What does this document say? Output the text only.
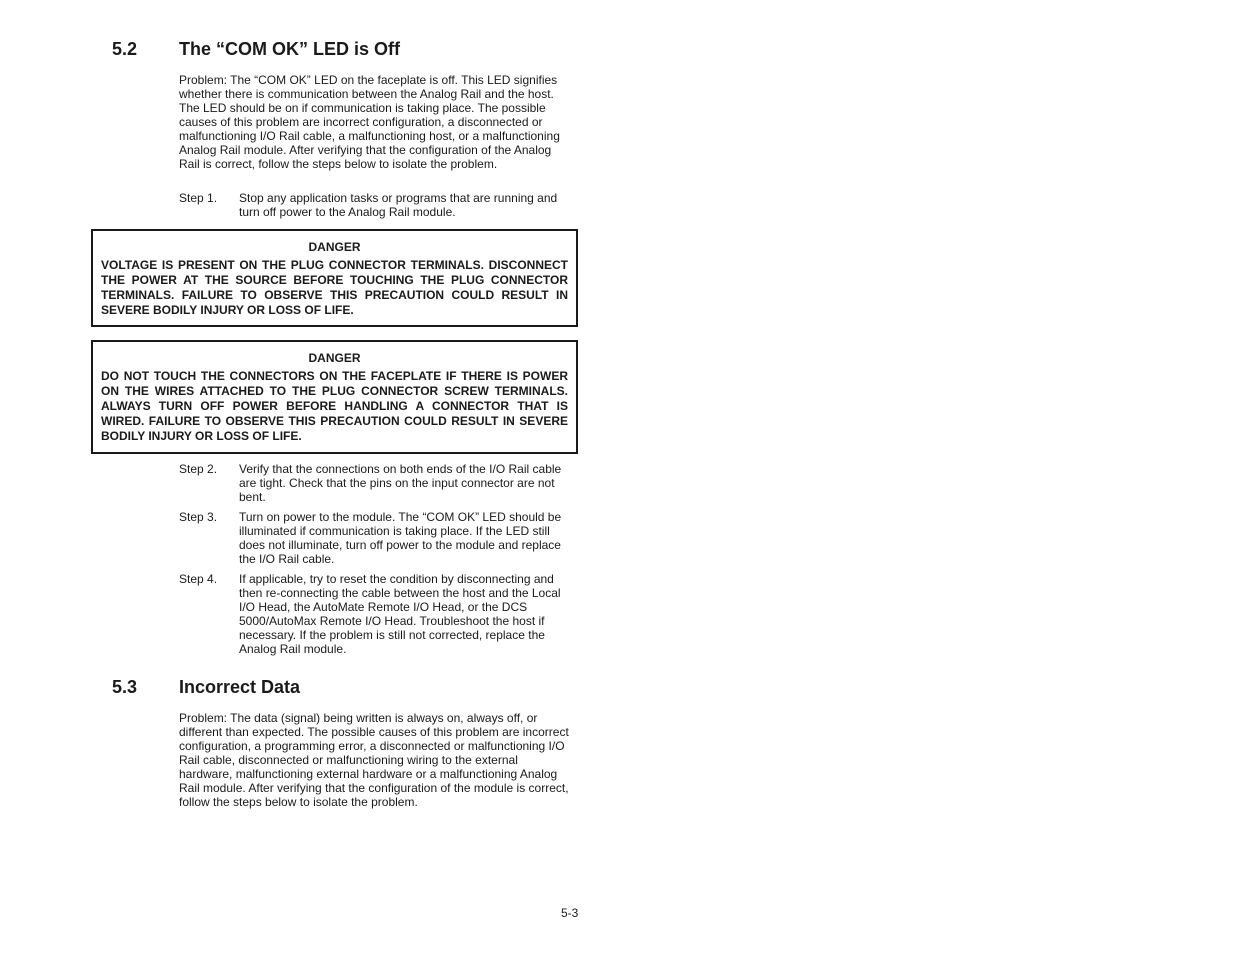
5.2 The “COM OK” LED is Off

Problem: The “COM OK” LED on the faceplate is off. This LED signifies whether there is communication between the Analog Rail and the host. The LED should be on if communication is taking place. The possible causes of this problem are incorrect configuration, a disconnected or malfunctioning I/O Rail cable, a malfunctioning host, or a malfunctioning Analog Rail module. After verifying that the configuration of the Analog Rail is correct, follow the steps below to isolate the problem.

Step 1.	Stop any application tasks or programs that are running and turn off power to the Analog Rail module.
DANGER

VOLTAGE IS PRESENT ON THE PLUG CONNECTOR TERMINALS. DISCONNECT THE POWER AT THE SOURCE BEFORE TOUCHING THE PLUG CONNECTOR TERMINALS. FAILURE TO OBSERVE THIS PRECAUTION COULD RESULT IN SEVERE BODILY INJURY OR LOSS OF LIFE.

DANGER

DO NOT TOUCH THE CONNECTORS ON THE FACEPLATE IF THERE IS POWER ON THE WIRES ATTACHED TO THE PLUG CONNECTOR SCREW TERMINALS. ALWAYS TURN OFF POWER BEFORE HANDLING A CONNECTOR THAT IS WIRED. FAILURE TO OBSERVE THIS PRECAUTION COULD RESULT IN SEVERE BODILY INJURY OR LOSS OF LIFE.

Step 2.	Verify that the connections on both ends of the I/O Rail cable are tight. Check that the pins on the input connector are not bent.
Step 3.	Turn on power to the module. The “COM OK” LED should be illuminated if communication is taking place. If the LED still does not illuminate, turn off power to the module and replace the I/O Rail cable.
Step 4.	If applicable, try to reset the condition by disconnecting and then re-connecting the cable between the host and the Local I/O Head, the AutoMate Remote I/O Head, or the DCS 5000/AutoMax Remote I/O Head. Troubleshoot the host if necessary. If the problem is still not corrected, replace the Analog Rail module.
5.3 Incorrect Data

Problem: The data (signal) being written is always on, always off, or different than expected. The possible causes of this problem are incorrect configuration, a programming error, a disconnected or malfunctioning I/O Rail cable, disconnected or malfunctioning wiring to the external hardware, malfunctioning external hardware or a malfunctioning Analog Rail module. After verifying that the configuration of the module is correct, follow the steps below to isolate the problem.

5-3
